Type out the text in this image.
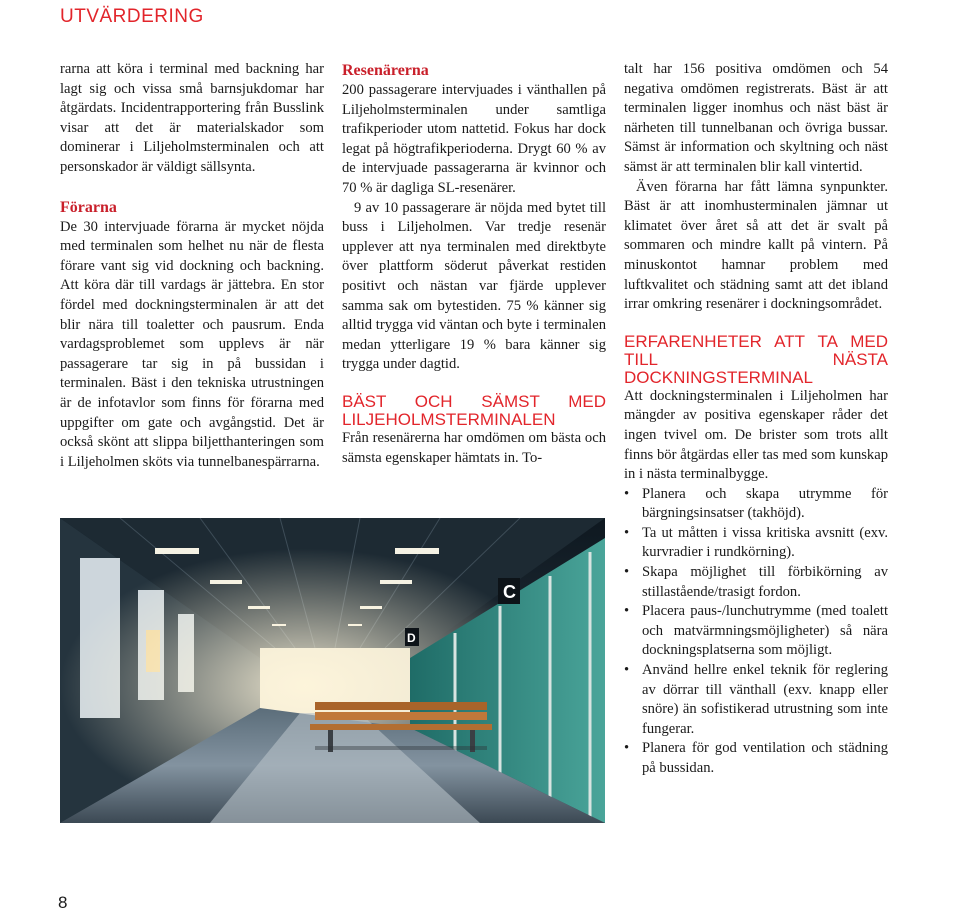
UTVÄRDERING

rarna att köra i terminal med backning har lagt sig och vissa små barnsjukdomar har åtgärdats. Incidentrapportering från Busslink visar att det är materialskador som dominerar i Liljeholmsterminalen och att personskador är väldigt sällsynta.

Förarna

De 30 intervjuade förarna är mycket nöjda med terminalen som helhet nu när de flesta förare vant sig vid dockning och backning. Att köra där till vardags är jättebra. En stor fördel med dockningsterminalen är att det blir nära till toaletter och pausrum. Enda vardagsproblemet som upplevs är när passagerare tar sig in på bussidan i terminalen. Bäst i den tekniska utrustningen är de infotavlor som finns för förarna med uppgifter om gate och avgångstid. Det är också skönt att slippa biljetthanteringen som i Liljeholmen sköts via tunnelbanespärrarna.

Resenärerna

200 passagerare intervjuades i vänthallen på Liljeholmsterminalen under samtliga trafikperioder utom nattetid. Fokus har dock legat på högtrafikperioderna. Drygt 60 % av de intervjuade passagerarna är kvinnor och 70 % är dagliga SL-resenärer.

9 av 10 passagerare är nöjda med bytet till buss i Liljeholmen. Var tredje resenär upplever att nya terminalen med direktbyte över plattform söderut påverkat restiden positivt och nästan var fjärde upplever samma sak om bytestiden. 75 % känner sig alltid trygga vid väntan och byte i terminalen medan ytterligare 19 % bara känner sig trygga under dagtid.

BÄST OCH SÄMST MED LILJEHOLMSTERMINALEN

Från resenärerna har omdömen om bästa och sämsta egenskaper hämtats in. To-

talt har 156 positiva omdömen och 54 negativa omdömen registrerats. Bäst är att terminalen ligger inomhus och näst bäst är närheten till tunnelbanan och övriga bussar. Sämst är information och skyltning och näst sämst är att terminalen blir kall vintertid.

Även förarna har fått lämna synpunkter. Bäst är att inomhusterminalen jämnar ut klimatet över året så att det är svalt på sommaren och mindre kallt på vintern. På minuskontot hamnar problem med luftkvalitet och städning samt att det ibland irrar omkring resenärer i dockningsområdet.

ERFARENHETER ATT TA MED TILL NÄSTA DOCKNINGSTERMINAL

Att dockningsterminalen i Liljeholmen har mängder av positiva egenskaper råder det ingen tvivel om. De brister som trots allt finns bör åtgärdas eller tas med som kunskap in i nästa terminalbygge.

• Planera och skapa utrymme för bärgningsinsatser (takhöjd).
• Ta ut måtten i vissa kritiska avsnitt (exv. kurvradier i rundkörning).
• Skapa möjlighet till förbikörning av stillastående/trasigt fordon.
• Placera paus-/lunchutrymme (med toalett och matvärmningsmöjligheter) så nära dockningsplatserna som möjligt.
• Använd hellre enkel teknik för reglering av dörrar till vänthall (exv. knapp eller snöre) än sofistikerad utrustning som inte fungerar.
• Planera för god ventilation och städning på bussidan.
C
D
8
